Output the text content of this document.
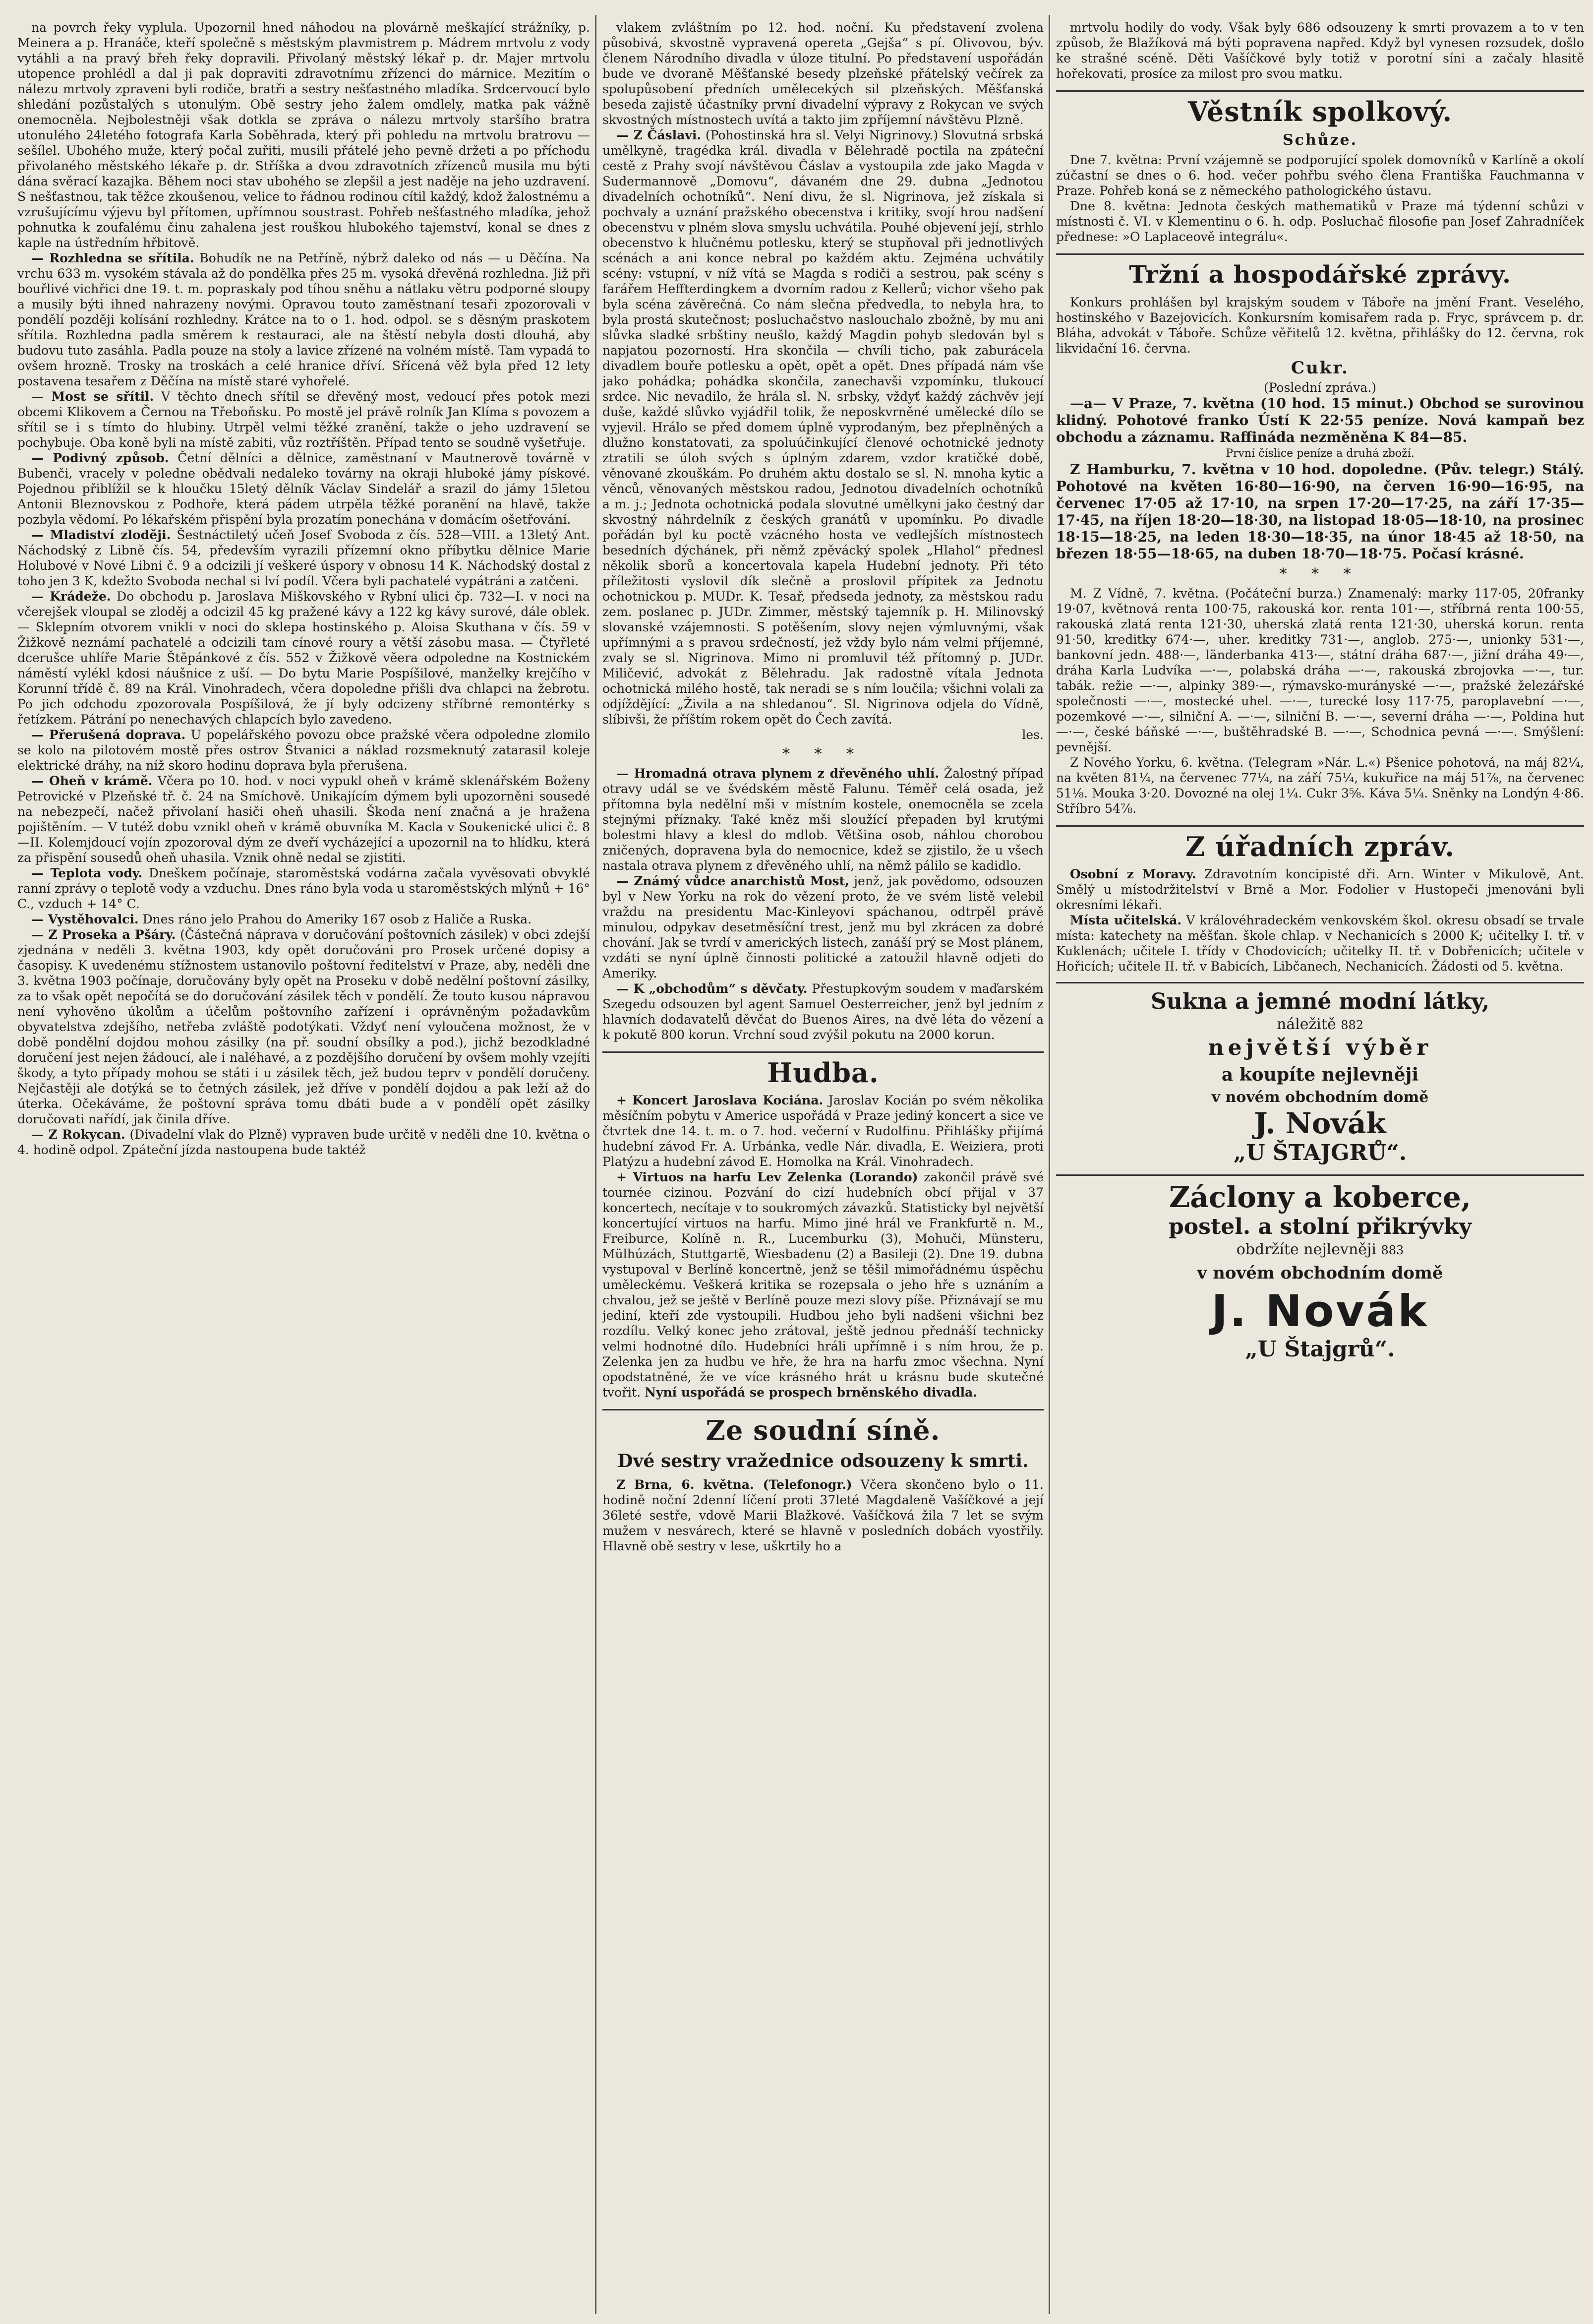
na povrch řeky vyplula. Upozornil hned náhodou na plovárně meškající strážníky, p. Meinera a p. Hranáče, kteří společně s městským plavmistrem p. Mádrem mrtvolu z vody vytáhli a na pravý břeh řeky dopravili. Přivolaný městský lékař p. dr. Majer mrtvolu utopence prohlédl a dal ji pak dopraviti zdravotnímu zřízenci do márnice. Mezitím o nálezu mrtvoly zpraveni byli rodiče, bratři a sestry nešťastného mladíka. Srdcervoucí bylo shledání pozůstalých s utonulým. Obě sestry jeho žalem omdlely, matka pak vážně onemocněla. Nejbolestněji však dotkla se zpráva o nálezu mrtvoly staršího bratra utonulého 24letého fotografa Karla Soběhrada, který při pohledu na mrtvolu bratrovu — sešílel. Ubohého muže, který počal zuřiti, musili přátelé jeho pevně držeti a po příchodu přivolaného městského lékaře p. dr. Stříška a dvou zdravotních zřízenců musila mu býti dána svěrací kazajka. Během noci stav ubohého se zlepšil a jest naděje na jeho uzdravení. S nešťastnou, tak těžce zkoušenou, velice to řádnou rodinou cítil každý, kdož žalostnému a vzrušujícímu výjevu byl přítomen, upřímnou soustrast. Pohřeb nešťastného mladíka, jehož pohnutka k zoufalému činu zahalena jest rouškou hlubokého tajemství, konal se dnes z kaple na ústředním hřbitově.

— Rozhledna se sřítila. Bohudík ne na Petříně, nýbrž daleko od nás — u Děčína. Na vrchu 633 m. vysokém stávala až do pondělka přes 25 m. vysoká dřevěná rozhledna. Již při bouřlivé vichřici dne 19. t. m. popraskaly pod tíhou sněhu a nátlaku větru podporné sloupy a musily býti ihned nahrazeny novými. Opravou touto zaměstnaní tesaři zpozorovali v pondělí později kolísání rozhledny. Krátce na to o 1. hod. odpol. se s děsným praskotem sřítila. Rozhledna padla směrem k restauraci, ale na štěstí nebyla dosti dlouhá, aby budovu tuto zasáhla. Padla pouze na stoly a lavice zřízené na volném místě. Tam vypadá to ovšem hrozně. Trosky na troskách a celé hranice dříví. Sřícená věž byla před 12 lety postavena tesařem z Děčína na místě staré vyhořelé.

— Most se sřítil. V těchto dnech sřítil se dřevěný most, vedoucí přes potok mezi obcemi Klikovem a Černou na Třeboňsku. Po mostě jel právě rolník Jan Klíma s povozem a sřítil se i s tímto do hlubiny. Utrpěl velmi těžké zranění, takže o jeho uzdravení se pochybuje. Oba koně byli na místě zabiti, vůz roztříštěn. Případ tento se soudně vyšetřuje.

— Podivný způsob. Četní dělníci a dělnice, zaměstnaní v Mautnerově továrně v Bubenči, vracely v poledne obědvali nedaleko továrny na okraji hluboké jámy pískové. Pojednou přiblížil se k hloučku 15letý dělník Václav Sindelář a srazil do jámy 15letou Antonii Bleznovskou z Podhoře, která pádem utrpěla těžké poranění na hlavě, takže pozbyla vědomí. Po lékařském přispění byla prozatím ponechána v domácím ošetřování.

— Mladiství zloději. Šestnáctiletý učeň Josef Svoboda z čís. 528—VIII. a 13letý Ant. Náchodský z Libně čís. 54, především vyrazili přízemní okno příbytku dělnice Marie Holubové v Nové Libni č. 9 a odcizili jí veškeré úspory v obnosu 14 K. Náchodský dostal z toho jen 3 K, kdežto Svoboda nechal si lví podíl. Včera byli pachatelé vypátráni a zatčeni.

— Krádeže. Do obchodu p. Jaroslava Miškovského v Rybní ulici čp. 732—I. v noci na včerejšek vloupal se zloděj a odcizil 45 kg pražené kávy a 122 kg kávy surové, dále oblek. — Sklepním otvorem vnikli v noci do sklepa hostinského p. Aloisa Skuthana v čís. 59 v Žižkově neznámí pachatelé a odcizili tam cínové roury a větší zásobu masa. — Čtyřleté dcerušce uhlíře Marie Štěpánkové z čís. 552 v Žižkově věera odpoledne na Kostnickém náměstí vylékl kdosi náušnice z uší. — Do bytu Marie Pospíšilové, manželky krejčího v Korunní třídě č. 89 na Král. Vinohradech, včera dopoledne přišli dva chlapci na žebrotu. Po jich odchodu zpozorovala Pospíšilová, že jí byly odcizeny stříbrné remontérky s řetízkem. Pátrání po nenechavých chlapcích bylo zavedeno.

— Přerušená doprava. U popelářského povozu obce pražské včera odpoledne zlomilo se kolo na pilotovém mostě přes ostrov Štvanici a náklad rozsmeknutý zatarasil koleje elektrické dráhy, na níž skoro hodinu doprava byla přerušena.

— Oheň v krámě. Včera po 10. hod. v noci vypukl oheň v krámě sklenářském Boženy Petrovické v Plzeňské tř. č. 24 na Smíchově. Unikajícím dýmem byli upozorněni sousedé na nebezpečí, načež přivolaní hasiči oheň uhasili. Škoda není značná a je hražena pojištěním. — V tutéž dobu vznikl oheň v krámě obuvníka M. Kacla v Soukenické ulici č. 8—II. Kolemjdoucí vojín zpozoroval dým ze dveří vycházející a upozornil na to hlídku, která za přispění sousedů oheň uhasila. Vznik ohně nedal se zjistiti.

— Teplota vody. Dneškem počínaje, staroměstská vodárna začala vyvěsovati obvyklé ranní zprávy o teplotě vody a vzduchu. Dnes ráno byla voda u staroměstských mlýnů + 16° C., vzduch + 14° C.

— Vystěhovalci. Dnes ráno jelo Prahou do Ameriky 167 osob z Haliče a Ruska.

— Z Proseka a Pšáry. (Částečná náprava v doručování poštovních zásilek) v obci zdejší zjednána v neděli 3. května 1903, kdy opět doručováni pro Prosek určené dopisy a časopisy. K uvedenému stížnostem ustanovilo poštovní ředitelství v Praze, aby, neděli dne 3. května 1903 počínaje, doručovány byly opět na Proseku v době nedělní poštovní zásilky, za to však opět nepočítá se do doručování zásilek těch v pondělí. Že touto kusou nápravou není vyhověno úkolům a účelům poštovního zařízení i oprávněným požadavkům obyvatelstva zdejšího, netřeba zvláště podotýkati. Vždyť není vyloučena možnost, že v době pondělní dojdou mohou zásilky (na př. soudní obsílky a pod.), jichž bezodkladné doručení jest nejen žádoucí, ale i naléhavé, a z pozdějšího doručení by ovšem mohly vzejíti škody, a tyto případy mohou se státi i u zásilek těch, jež budou teprv v pondělí doručeny. Nejčastěji ale dotýká se to četných zásilek, jež dříve v pondělí dojdou a pak leží až do úterka. Očekáváme, že poštovní správa tomu dbáti bude a v pondělí opět zásilky doručovati nařídí, jak činila dříve.

— Z Rokycan. (Divadelní vlak do Plzně) vypraven bude určitě v neděli dne 10. května o 4. hodině odpol. Zpáteční jízda nastoupena bude taktéž

vlakem zvláštním po 12. hod. noční. Ku představení zvolena působivá, skvostně vypravená opereta „Gejša“ s pí. Olivovou, býv. členem Národního divadla v úloze titulní. Po představení uspořádán bude ve dvoraně Měšťanské besedy plzeňské přátelský večírek za spolupůsobení předních umělecekých sil plzeňských. Měšťanská beseda zajistě účastníky první divadelní výpravy z Rokycan ve svých skvostných místnostech uvítá a takto jim zpříjemní návštěvu Plzně.

— Z Čáslavi. (Pohostinská hra sl. Velyi Nigrinovy.) Slovutná srbská umělkyně, tragédka král. divadla v Bělehradě poctila na zpáteční cestě z Prahy svojí návštěvou Čáslav a vystoupila zde jako Magda v Sudermannově „Domovu“, dávaném dne 29. dubna „Jednotou divadelních ochotníků“. Není divu, že sl. Nigrinova, jež získala si pochvaly a uznání pražského obecenstva i kritiky, svojí hrou nadšení obecenstvu v plném slova smyslu uchvátila. Pouhé objevení její, strhlo obecenstvo k hlučnému potlesku, který se stupňoval při jednotlivých scénách a ani konce nebral po každém aktu. Zejména uchvátily scény: vstupní, v níž vítá se Magda s rodiči a sestrou, pak scény s farářem Heffterdingkem a dvorním radou z Kellerů; vichor všeho pak byla scéna závěrečná. Co nám slečna předvedla, to nebyla hra, to byla prostá skutečnost; posluchačstvo naslouchalo zbožně, by mu ani slůvka sladké srbštiny neušlo, každý Magdin pohyb sledován byl s napjatou pozorností. Hra skončila — chvíli ticho, pak zaburácela divadlem bouře potlesku a opět, opět a opět. Dnes případá nám vše jako pohádka; pohádka skončila, zanechavši vzpomínku, tlukoucí srdce. Nic nevadilo, že hrála sl. N. srbsky, vždyť každý záchvěv její duše, každé slůvko vyjádřil tolik, že neposkvrněné umělecké dílo se vyjevil. Hrálo se před domem úplně vyprodaným, bez přeplněných a dlužno konstatovati, za spoluúčinkující členové ochotnické jednoty ztratili se úloh svých s úplným zdarem, vzdor kratičké době, věnované zkouškám. Po druhém aktu dostalo se sl. N. mnoha kytic a věnců, věnovaných městskou radou, Jednotou divadelních ochotníků a m. j.; Jednota ochotnická podala slovutné umělkyni jako čestný dar skvostný náhrdelník z českých granátů v upomínku. Po divadle pořádán byl ku poctě vzácného hosta ve vedlejších místnostech besedních dýchánek, při němž zpěvácký spolek „Hlahol“ přednesl několik sborů a koncertovala kapela Hudební jednoty. Při této příležitosti vyslovil dík slečně a proslovil přípitek za Jednotu ochotnickou p. MUDr. K. Tesař, předseda jednoty, za městskou radu zem. poslanec p. JUDr. Zimmer, městský tajemník p. H. Milinovský slovanské vzájemnosti. S potěšením, slovy nejen výmluvnými, však upřímnými a s pravou srdečností, jež vždy bylo nám velmi příjemné, zvaly se sl. Nigrinova. Mimo ni promluvil též přítomný p. JUDr. Miličević, advokát z Bělehradu. Jak radostně vítala Jednota ochotnická milého hostě, tak neradi se s ním loučila; všichni volali za odjíždějící: „Živila a na shledanou“. Sl. Nigrinova odjela do Vídně, slíbivši, že příštím rokem opět do Čech zavítá.

les.
* * *

— Hromadná otrava plynem z dřevěného uhlí. Žalostný případ otravy udál se ve švédském městě Falunu. Téměř celá osada, jež přítomna byla nedělní mši v místním kostele, onemocněla se zcela stejnými příznaky. Také kněz mši sloužící přepaden byl krutými bolestmi hlavy a klesl do mdlob. Většina osob, náhlou chorobou zničených, dopravena byla do nemocnice, kdež se zjistilo, že u všech nastala otrava plynem z dřevěného uhlí, na němž pálilo se kadidlo.

— Známý vůdce anarchistů Most, jenž, jak povědomo, odsouzen byl v New Yorku na rok do vězení proto, že ve svém listě velebil vraždu na presidentu Mac-Kinleyovi spáchanou, odtrpěl právě minulou, odpykav desetměsíční trest, jenž mu byl zkrácen za dobré chování. Jak se tvrdí v amerických listech, zanáší prý se Most plánem, vzdáti se nyní úplně činnosti politické a zatoužil hlavně odjeti do Ameriky.

— K „obchodům“ s děvčaty. Přestupkovým soudem v maďarském Szegedu odsouzen byl agent Samuel Oesterreicher, jenž byl jedním z hlavních dodavatelů děvčat do Buenos Aires, na dvě léta do vězení a k pokutě 800 korun. Vrchní soud zvýšil pokutu na 2000 korun.

Hudba.

+ Koncert Jaroslava Kociána. Jaroslav Kocián po svém několika měsíčním pobytu v Americe uspořádá v Praze jediný koncert a sice ve čtvrtek dne 14. t. m. o 7. hod. večerní v Rudolfinu. Přihlášky přijímá hudební závod Fr. A. Urbánka, vedle Nár. divadla, E. Weiziera, proti Platýzu a hudební závod E. Homolka na Král. Vinohradech.

+ Virtuos na harfu Lev Zelenka (Lorando) zakončil právě své tournée cizinou. Pozvání do cizí hudebních obcí přijal v 37 koncertech, necítaje v to soukromých závazků. Statisticky byl největší koncertující virtuos na harfu. Mimo jiné hrál ve Frankfurtě n. M., Freiburce, Kolíně n. R., Lucemburku (3), Mohuči, Münsteru, Mülhúzách, Stuttgartě, Wiesbadenu (2) a Basileji (2). Dne 19. dubna vystupoval v Berlíně koncertně, jenž se těšil mimořádnému úspěchu uměleckému. Veškerá kritika se rozepsala o jeho hře s uznáním a chvalou, jež se ještě v Berlíně pouze mezi slovy píše. Přiznávají se mu jediní, kteří zde vystoupili. Hudbou jeho byli nadšeni všichni bez rozdílu. Velký konec jeho zrátoval, ještě jednou přednáší technicky velmi hodnotné dílo. Hudebníci hráli upřímně i s ním hrou, že p. Zelenka jen za hudbu ve hře, že hra na harfu zmoc všechna. Nyní opodstatněné, že ve více krásného hrát u krásnu bude skutečné tvořit. Nyní uspořádá se prospech brněnského divadla.

Ze soudní síně.
Dvé sestry vražednice odsouzeny k smrti.

Z Brna, 6. května. (Telefonogr.) Včera skončeno bylo o 11. hodině noční 2denní líčení proti 37leté Magdaleně Vašíčkové a její 36leté sestře, vdově Marii Blažkové. Vašíčková žila 7 let se svým mužem v nesvárech, které se hlavně v posledních dobách vyostřily. Hlavně obě sestry v lese, uškrtily ho a

mrtvolu hodily do vody. Však byly 686 odsouzeny k smrti provazem a to v ten způsob, že Blažíková má býti popravena napřed. Když byl vynesen rozsudek, došlo ke strašné scéně. Děti Vašíčkové byly totiž v porotní síni a začaly hlasitě hořekovati, prosíce za milost pro svou matku.

Věstník spolkový.
Schůze.

Dne 7. května: První vzájemně se podporující spolek domovníků v Karlíně a okolí zúčastní se dnes o 6. hod. večer pohřbu svého člena Františka Fauchmanna v Praze. Pohřeb koná se z německého pathologického ústavu.

Dne 8. května: Jednota českých mathematiků v Praze má týdenní schůzi v místnosti č. VI. v Klementinu o 6. h. odp. Posluchač filosofie pan Josef Zahradníček přednese: »O Laplaceově integrálu«.

Tržní a hospodářské zprávy.

Konkurs prohlášen byl krajským soudem v Táboře na jmění Frant. Veselého, hostinského v Bazejovicích. Konkursním komisařem rada p. Fryc, správcem p. dr. Bláha, advokát v Táboře. Schůze věřitelů 12. května, přihlášky do 12. června, rok likvidační 16. června.

Cukr.
(Poslední zpráva.)

—a— V Praze, 7. května (10 hod. 15 minut.) Obchod se surovinou klidný. Pohotové franko Ústí K 22·55 peníze. Nová kampaň bez obchodu a záznamu. Raffináda nezměněna K 84—85.

První číslice peníze a druhá zboží.

Z Hamburku, 7. května v 10 hod. dopoledne. (Pův. telegr.) Stálý. Pohotové na květen 16·80—16·90, na červen 16·90—16·95, na červenec 17·05 až 17·10, na srpen 17·20—17·25, na září 17·35—17·45, na říjen 18·20—18·30, na listopad 18·05—18·10, na prosinec 18·15—18·25, na leden 18·30—18·35, na únor 18·45 až 18·50, na březen 18·55—18·65, na duben 18·70—18·75. Počasí krásné.

* * *

M. Z Vídně, 7. května. (Počáteční burza.) Znamenalý: marky 117·05, 20franky 19·07, květnová renta 100·75, rakouská kor. renta 101·—, stříbrná renta 100·55, rakouská zlatá renta 121·30, uherská zlatá renta 121·30, uherská korun. renta 91·50, kreditky 674·—, uher. kreditky 731·—, anglob. 275·—, unionky 531·—, bankovní jedn. 488·—, länderbanka 413·—, státní dráha 687·—, jižní dráha 49·—, dráha Karla Ludvíka —·—, polabská dráha —·—, rakouská zbrojovka —·—, tur. tabák. režie —·—, alpinky 389·—, rýmavsko-murányské —·—, pražské železářské společnosti —·—, mostecké uhel. —·—, turecké losy 117·75, paroplavební —·—, pozemkové —·—, silniční A. —·—, silniční B. —·—, severní dráha —·—, Poldina hut —·—, české báňské —·—, buštěhradské B. —·—, Schodnica pevná —·—. Smýšlení: pevnější.

Z Nového Yorku, 6. května. (Telegram »Nár. L.«) Pšenice pohotová, na máj 82¼, na květen 81¼, na červenec 77¼, na září 75¼, kukuřice na máj 51⅞, na červenec 51⅛. Mouka 3·20. Dovozné na olej 1¼. Cukr 3⅝. Káva 5¼. Sněnky na Londýn 4·86. Stříbro 54⅞.

Z úřadních zpráv.

Osobní z Moravy. Zdravotním koncipisté dři. Arn. Winter v Mikulově, Ant. Smělý u místodržitelství v Brně a Mor. Fodolier v Hustopeči jmenováni byli okresními lékaři.

Místa učitelská. V královéhradeckém venkovském škol. okresu obsadí se trvale místa: katechety na měšťan. škole chlap. v Nechanicích s 2000 K; učitelky I. tř. v Kuklenách; učitele I. třídy v Chodovicích; učitelky II. tř. v Dobřenicích; učitele v Hořicích; učitele II. tř. v Babicích, Libčanech, Nechanicích. Žádosti od 5. května.

Sukna a jemné modní látky,
náležitě 882
největší výběr
a koupíte nejlevněji
v novém obchodním domě
J. Novák
„U ŠTAJGRŮ“.
Záclony a koberce,
postel. a stolní přikrývky
obdržíte nejlevněji 883
v novém obchodním domě
J. Novák
„U Štajgrů“.
